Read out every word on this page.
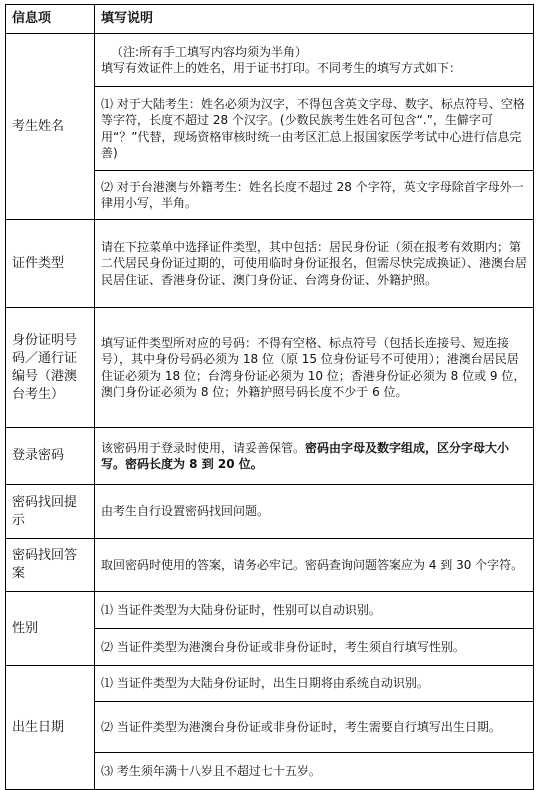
信息项	填写说明
考生姓名	（注:所有手工填写内容均须为半角）
填写有效证件上的姓名，用于证书打印。不同考生的填写方式如下：

	⑴ 对于大陆考生：姓名必须为汉字，不得包含英文字母、数字、标点符号、空格等字符，长度不超过 28 个汉字。(少数民族考生姓名可包含“.”，生僻字可用“？”代替，现场资格审核时统一由考区汇总上报国家医学考试中心进行信息完善)
	⑵ 对于台港澳与外籍考生：姓名长度不超过 28 个字符，英文字母除首字母外一律用小写，半角。
证件类型	请在下拉菜单中选择证件类型，其中包括：居民身份证（须在报考有效期内；第二代居民身份证过期的，可使用临时身份证报名，但需尽快完成换证）、港澳台居民居住证、香港身份证、澳门身份证、台湾身份证、外籍护照。
身份证明号码／通行证编号（港澳台考生）	填写证件类型所对应的号码：不得有空格、标点符号（包括长连接号、短连接号），其中身份号码必须为 18 位（原 15 位身份证号不可使用）；港澳台居民居住证必须为 18 位；台湾身份证必须为 10 位；香港身份证必须为 8 位或 9 位，澳门身份证必须为 8 位；外籍护照号码长度不少于 6 位。
登录密码	该密码用于登录时使用，请妥善保管。密码由字母及数字组成，区分字母大小写。密码长度为 8 到 20 位。
密码找回提示	由考生自行设置密码找回问题。
密码找回答案	取回密码时使用的答案，请务必牢记。密码查询问题答案应为 4 到 30 个字符。
性别	⑴ 当证件类型为大陆身份证时，性别可以自动识别。
	⑵ 当证件类型为港澳台身份证或非身份证时，考生须自行填写性别。
出生日期	⑴ 当证件类型为大陆身份证时，出生日期将由系统自动识别。
	⑵ 当证件类型为港澳台身份证或非身份证时，考生需要自行填写出生日期。
	⑶ 考生须年满十八岁且不超过七十五岁。
